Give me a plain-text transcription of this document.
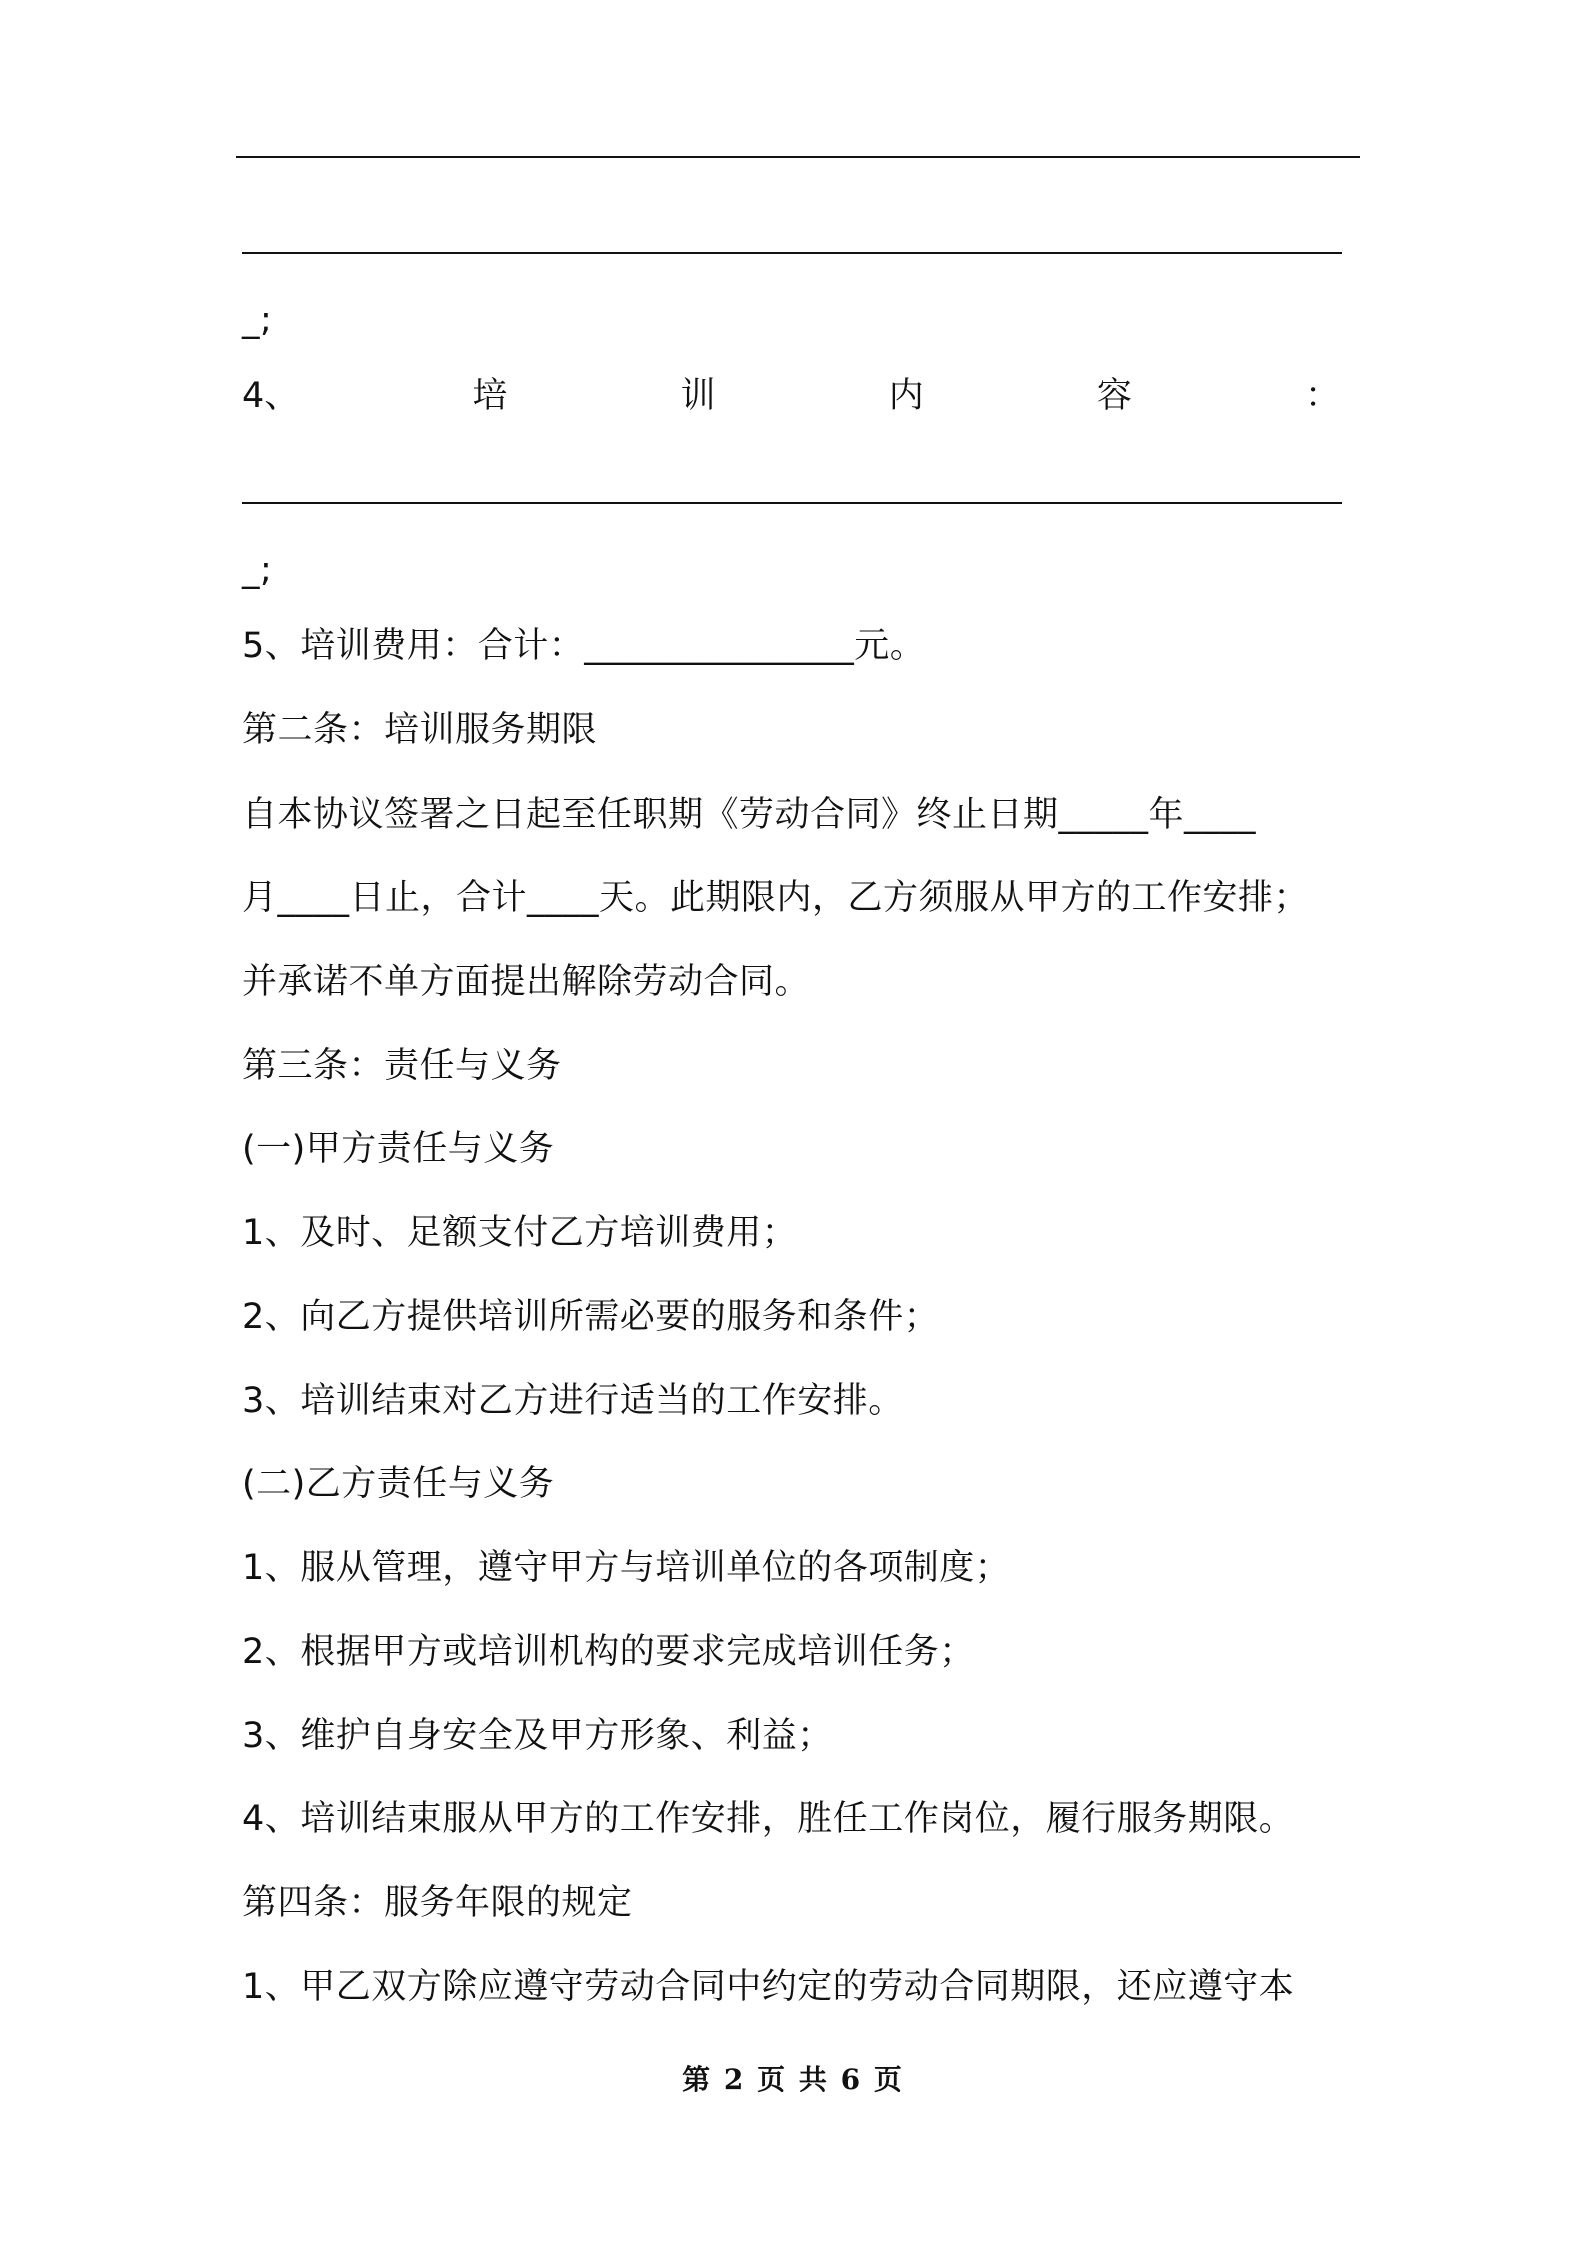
_;
4、	培	训	内	容	：
_;
5、培训费用：合计：_______________元。
第二条：培训服务期限
自本协议签署之日起至任职期《劳动合同》终止日期_____年____
月____日止，合计____天。此期限内，乙方须服从甲方的工作安排；
并承诺不单方面提出解除劳动合同。
第三条：责任与义务
(一)甲方责任与义务
1、及时、足额支付乙方培训费用；
2、向乙方提供培训所需必要的服务和条件；
3、培训结束对乙方进行适当的工作安排。
(二)乙方责任与义务
1、服从管理，遵守甲方与培训单位的各项制度；
2、根据甲方或培训机构的要求完成培训任务；
3、维护自身安全及甲方形象、利益；
4、培训结束服从甲方的工作安排，胜任工作岗位，履行服务期限。
第四条：服务年限的规定
1、甲乙双方除应遵守劳动合同中约定的劳动合同期限，还应遵守本
第 2 页 共 6 页
